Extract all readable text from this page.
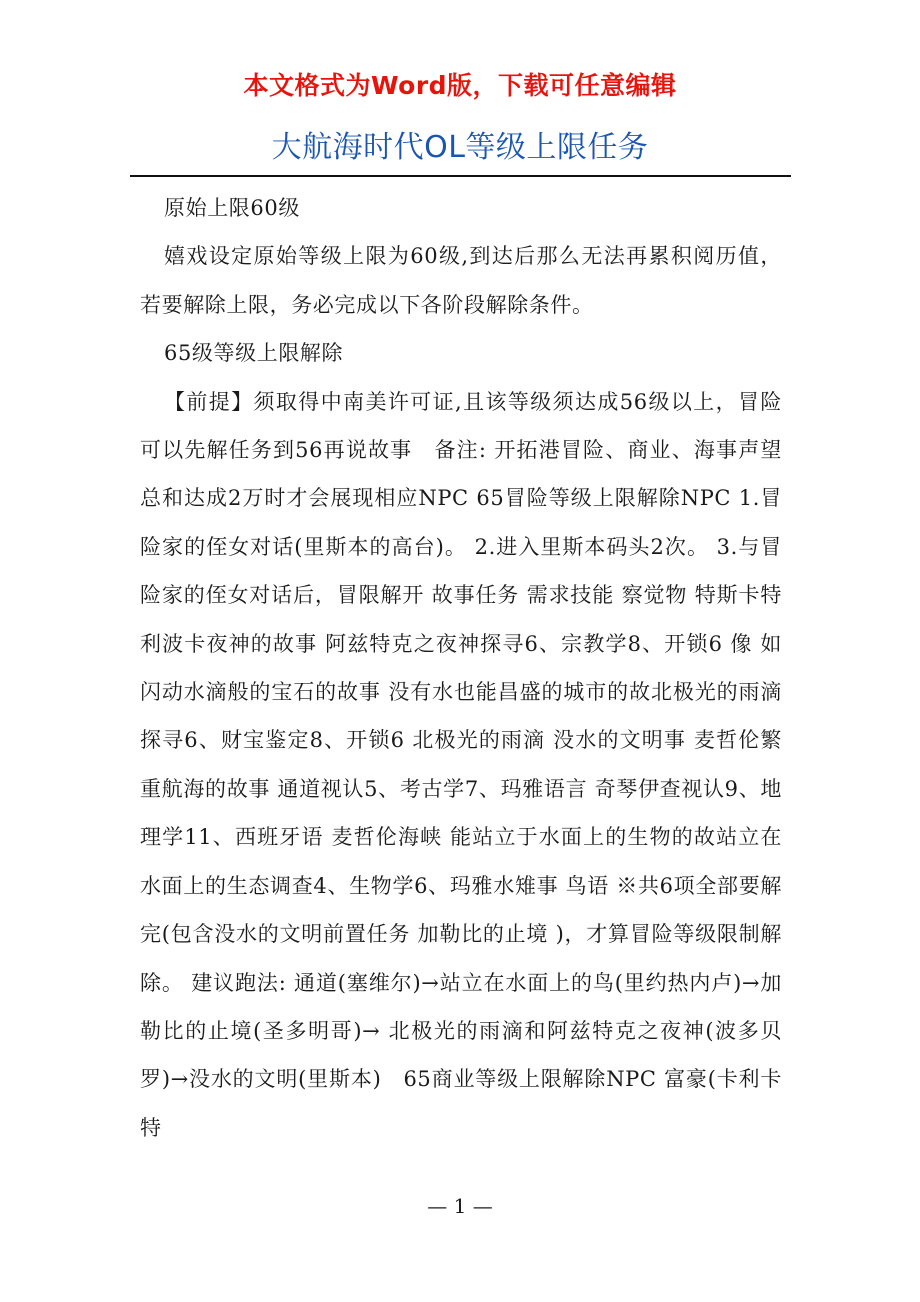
本文格式为Word版，下载可任意编辑
大航海时代OL等级上限任务

原始上限60级

嬉戏设定原始等级上限为60级,到达后那么无法再累积阅历值，若要解除上限，务必完成以下各阶段解除条件。

65级等级上限解除

【前提】须取得中南美许可证,且该等级须达成56级以上，冒险可以先解任务到56再说故事　备注: 开拓港冒险、商业、海事声望总和达成2万时才会展现相应NPC 65冒险等级上限解除NPC 1.冒险家的侄女对话(里斯本的高台)。 2.进入里斯本码头2次。 3.与冒险家的侄女对话后，冒限解开 故事任务 需求技能 察觉物 特斯卡特利波卡夜神的故事 阿兹特克之夜神探寻6、宗教学8、开锁6 像 如闪动水滴般的宝石的故事 没有水也能昌盛的城市的故北极光的雨滴探寻6、财宝鉴定8、开锁6 北极光的雨滴 没水的文明事 麦哲伦繁重航海的故事 通道视认5、考古学7、玛雅语言 奇琴伊查视认9、地理学11、西班牙语 麦哲伦海峡 能站立于水面上的生物的故站立在水面上的生态调查4、生物学6、玛雅水雉事 鸟语 ※共6项全部要解完(包含没水的文明前置任务 加勒比的止境 )，才算冒险等级限制解除。 建议跑法: 通道(塞维尔)→站立在水面上的鸟(里约热内卢)→加勒比的止境(圣多明哥)→ 北极光的雨滴和阿兹特克之夜神(波多贝罗)→没水的文明(里斯本)　65商业等级上限解除NPC 富豪(卡利卡特

— 1 —
